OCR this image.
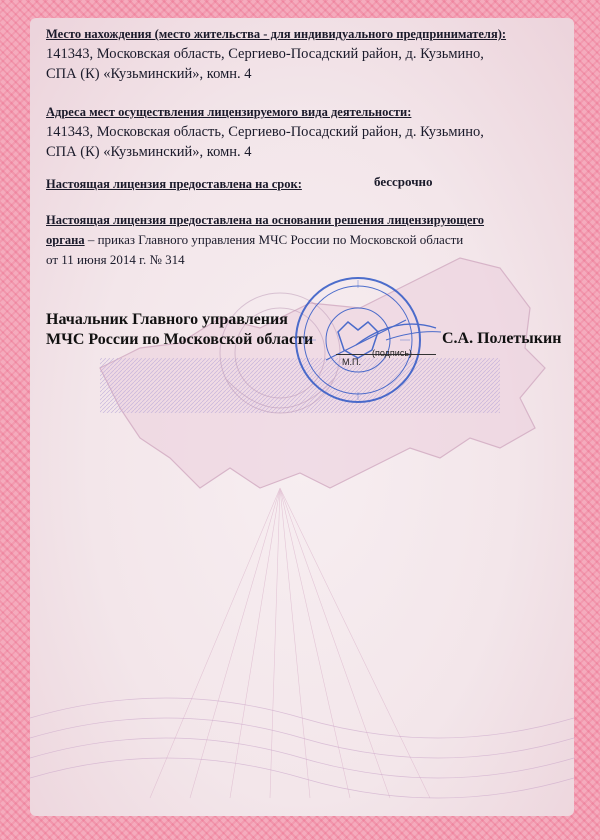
Место нахождения (место жительства - для индивидуального предпринимателя):
141343, Московская область, Сергиево-Посадский район, д. Кузьмино,
СПА (К) «Кузьминский», комн. 4
Адреса мест осуществления лицензируемого вида деятельности:
141343, Московская область, Сергиево-Посадский район, д. Кузьмино,
СПА (К) «Кузьминский», комн. 4
Настоящая лицензия предоставлена на срок:	бессрочно
Настоящая лицензия предоставлена на основании решения лицензирующего
органа – приказ Главного управления МЧС России по Московской области
от 11 июня 2014 г. № 314
Начальник Главного управления
МЧС России по Московской области
(подпись)
М.П.
С.А. Полетыкин
